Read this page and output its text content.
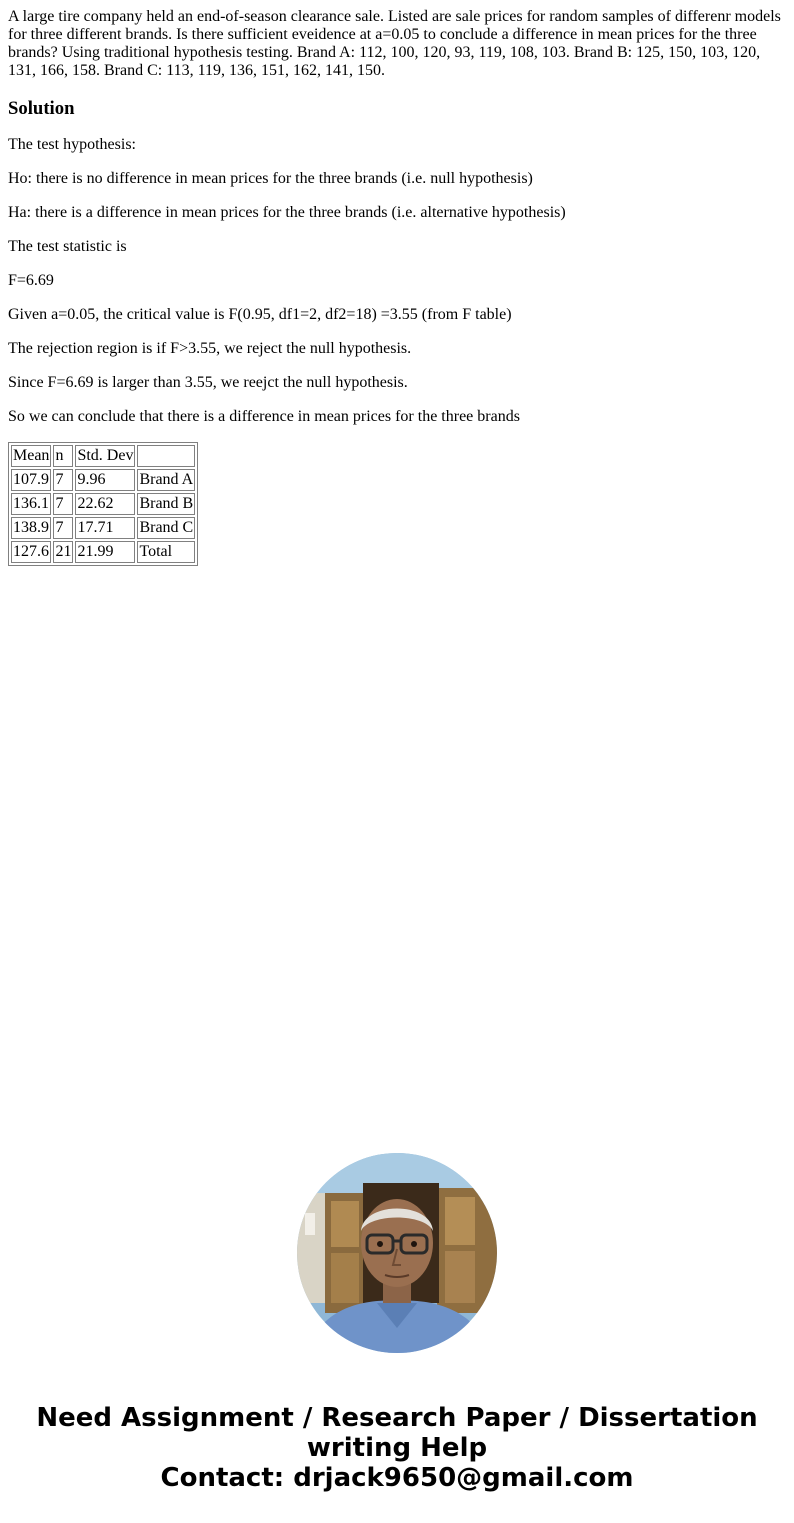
A large tire company held an end-of-season clearance sale. Listed are sale prices for random samples of differenr models for three different brands. Is there sufficient eveidence at a=0.05 to conclude a difference in mean prices for the three brands? Using traditional hypothesis testing. Brand A: 112, 100, 120, 93, 119, 108, 103. Brand B: 125, 150, 103, 120, 131, 166, 158. Brand C: 113, 119, 136, 151, 162, 141, 150.

Solution

The test hypothesis:

Ho: there is no difference in mean prices for the three brands (i.e. null hypothesis)

Ha: there is a difference in mean prices for the three brands (i.e. alternative hypothesis)

The test statistic is

F=6.69

Given a=0.05, the critical value is F(0.95, df1=2, df2=18) =3.55 (from F table)

The rejection region is if F>3.55, we reject the null hypothesis.

Since F=6.69 is larger than 3.55, we reejct the null hypothesis.

So we can conclude that there is a difference in mean prices for the three brands

Mean	n	Std. Dev	
107.9	7	9.96	Brand A
136.1	7	22.62	Brand B
138.9	7	17.71	Brand C
127.6	21	21.99	Total
Need Assignment / Research Paper / Dissertation
writing Help
Contact: drjack9650@gmail.com
